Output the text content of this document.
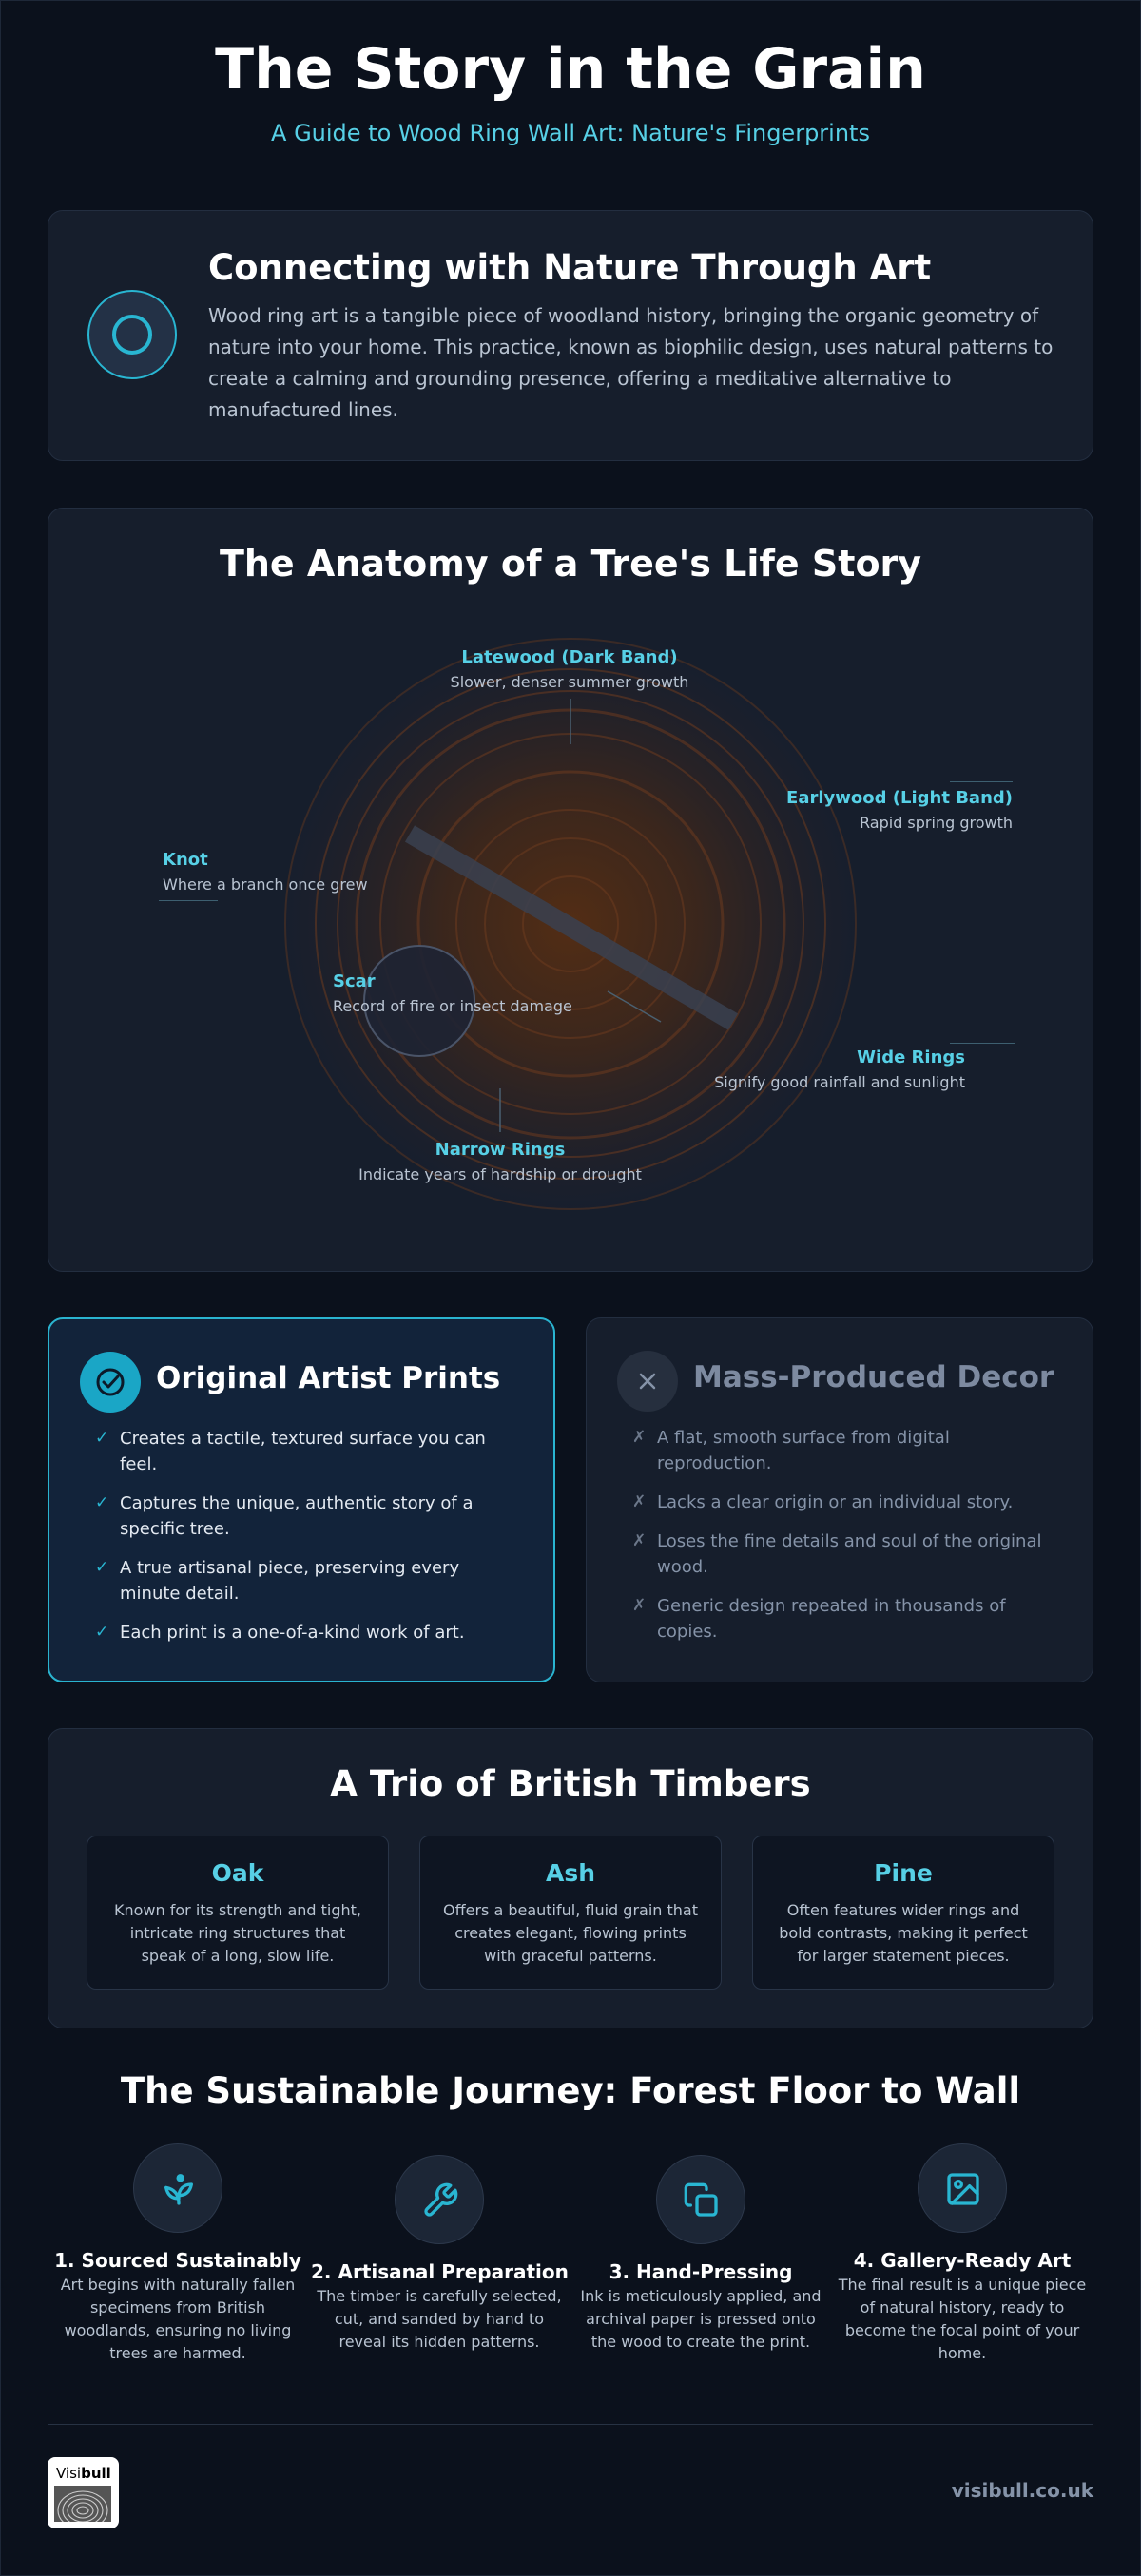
The Story in the Grain
A Guide to Wood Ring Wall Art: Nature's Fingerprints
Connecting with Nature Through Art
Wood ring art is a tangible piece of woodland history, bringing the organic geometry of nature into your home. This practice, known as biophilic design, uses natural patterns to create a calming and grounding presence, offering a meditative alternative to manufactured lines.
The Anatomy of a Tree's Life Story
Latewood (Dark Band)
Slower, denser summer growth
Earlywood (Light Band)
Rapid spring growth
Knot
Where a branch once grew
Scar
Record of fire or insect damage
Wide Rings
Signify good rainfall and sunlight
Narrow Rings
Indicate years of hardship or drought
Original Artist Prints
✓ Creates a tactile, textured surface you can feel.
✓ Captures the unique, authentic story of a specific tree.
✓ A true artisanal piece, preserving every minute detail.
✓ Each print is a one-of-a-kind work of art.
Mass-Produced Decor
✗ A flat, smooth surface from digital reproduction.
✗ Lacks a clear origin or an individual story.
✗ Loses the fine details and soul of the original wood.
✗ Generic design repeated in thousands of copies.
A Trio of British Timbers
Oak
Known for its strength and tight, intricate ring structures that speak of a long, slow life.
Ash
Offers a beautiful, fluid grain that creates elegant, flowing prints with graceful patterns.
Pine
Often features wider rings and bold contrasts, making it perfect for larger statement pieces.
The Sustainable Journey: Forest Floor to Wall
1. Sourced Sustainably
Art begins with naturally fallen specimens from British woodlands, ensuring no living trees are harmed.
2. Artisanal Preparation
The timber is carefully selected, cut, and sanded by hand to reveal its hidden patterns.
3. Hand-Pressing
Ink is meticulously applied, and archival paper is pressed onto the wood to create the print.
4. Gallery-Ready Art
The final result is a unique piece of natural history, ready to become the focal point of your home.
Visibull
visibull.co.uk
